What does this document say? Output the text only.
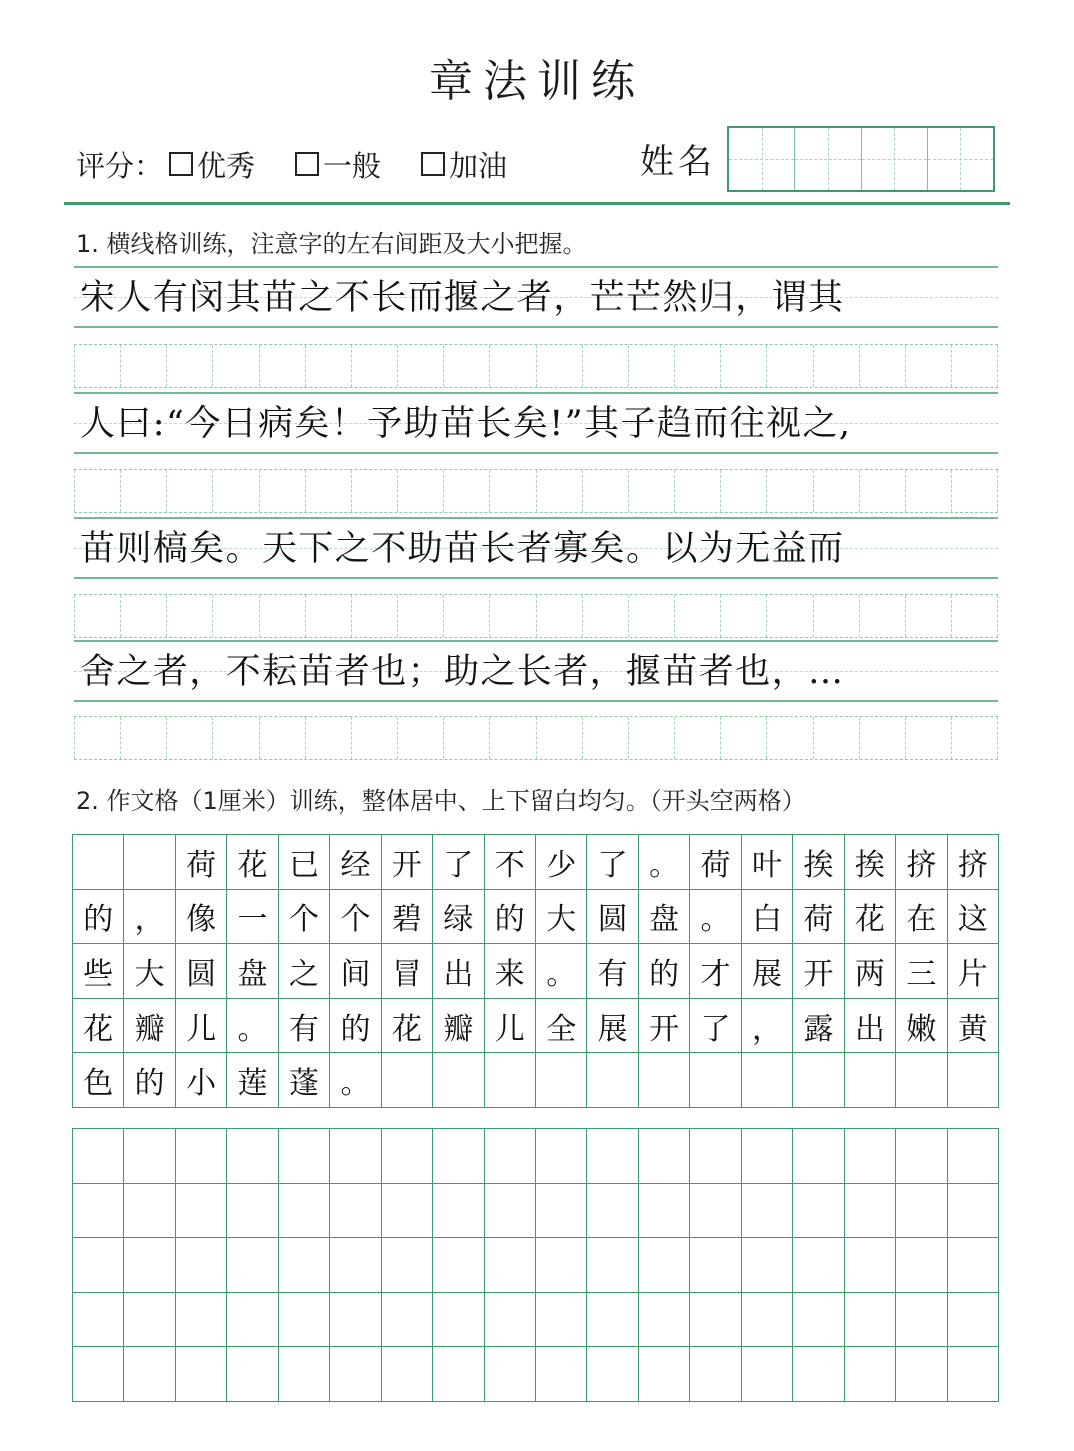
章法训练
评分： 优秀 一般 加油	姓名
1. 横线格训练，注意字的左右间距及大小把握。
宋人有闵其苗之不长而揠之者，芒芒然归，谓其
人曰:“今日病矣！予助苗长矣!”其子趋而往视之,
苗则槁矣。天下之不助苗长者寡矣。以为无益而
舍之者，不耘苗者也；助之长者，揠苗者也，…
2. 作文格（1厘米）训练，整体居中、上下留白均匀。（开头空两格）
荷 花 已 经 开 了 不 少 了 。 荷 叶 挨 挨 挤 挤
的 ， 像 一 个 个 碧 绿 的 大 圆 盘 。 白 荷 花 在 这
些 大 圆 盘 之 间 冒 出 来 。 有 的 才 展 开 两 三 片
花 瓣 儿 。 有 的 花 瓣 儿 全 展 开 了 ， 露 出 嫩 黄
色 的 小 莲 蓬 。
